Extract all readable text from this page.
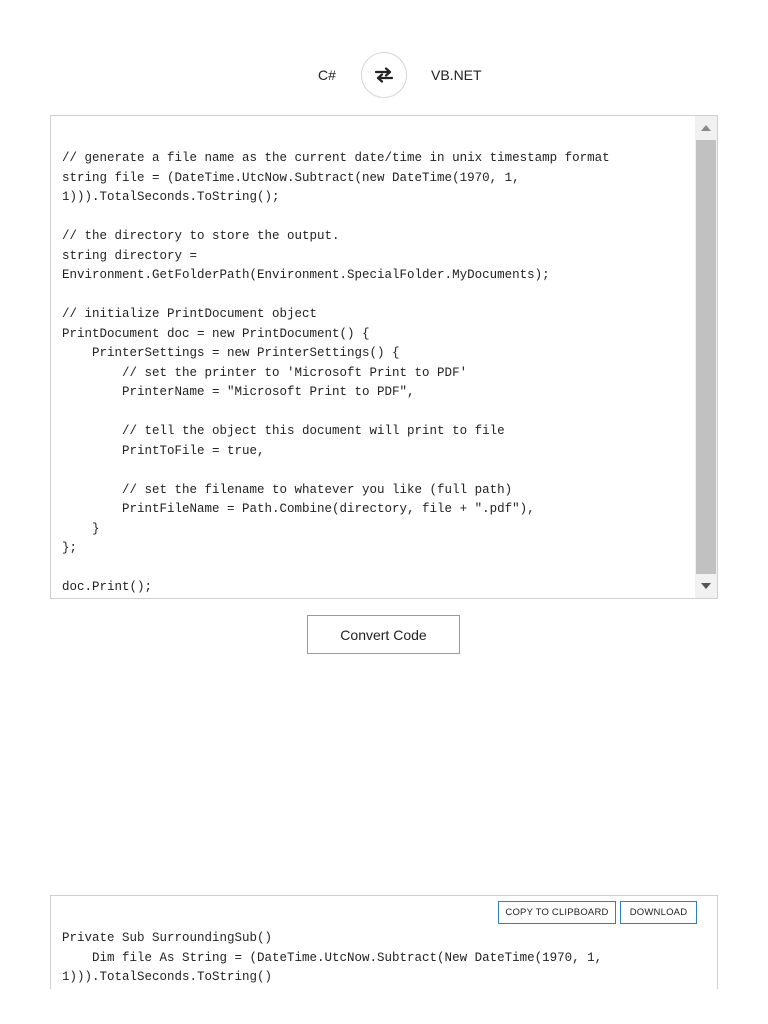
C#	VB.NET
// generate a file name as the current date/time in unix timestamp format
string file = (DateTime.UtcNow.Subtract(new DateTime(1970, 1,
1))).TotalSeconds.ToString();

// the directory to store the output.
string directory =
Environment.GetFolderPath(Environment.SpecialFolder.MyDocuments);

// initialize PrintDocument object
PrintDocument doc = new PrintDocument() {
PrinterSettings = new PrinterSettings() {
// set the printer to 'Microsoft Print to PDF'
PrinterName = "Microsoft Print to PDF",

// tell the object this document will print to file
PrintToFile = true,

// set the filename to whatever you like (full path)
PrintFileName = Path.Combine(directory, file + ".pdf"),
}
};

doc.Print();
Convert Code
COPY TO CLIPBOARD	DOWNLOAD
Private Sub SurroundingSub()
Dim file As String = (DateTime.UtcNow.Subtract(New DateTime(1970, 1,
1))).TotalSeconds.ToString()
